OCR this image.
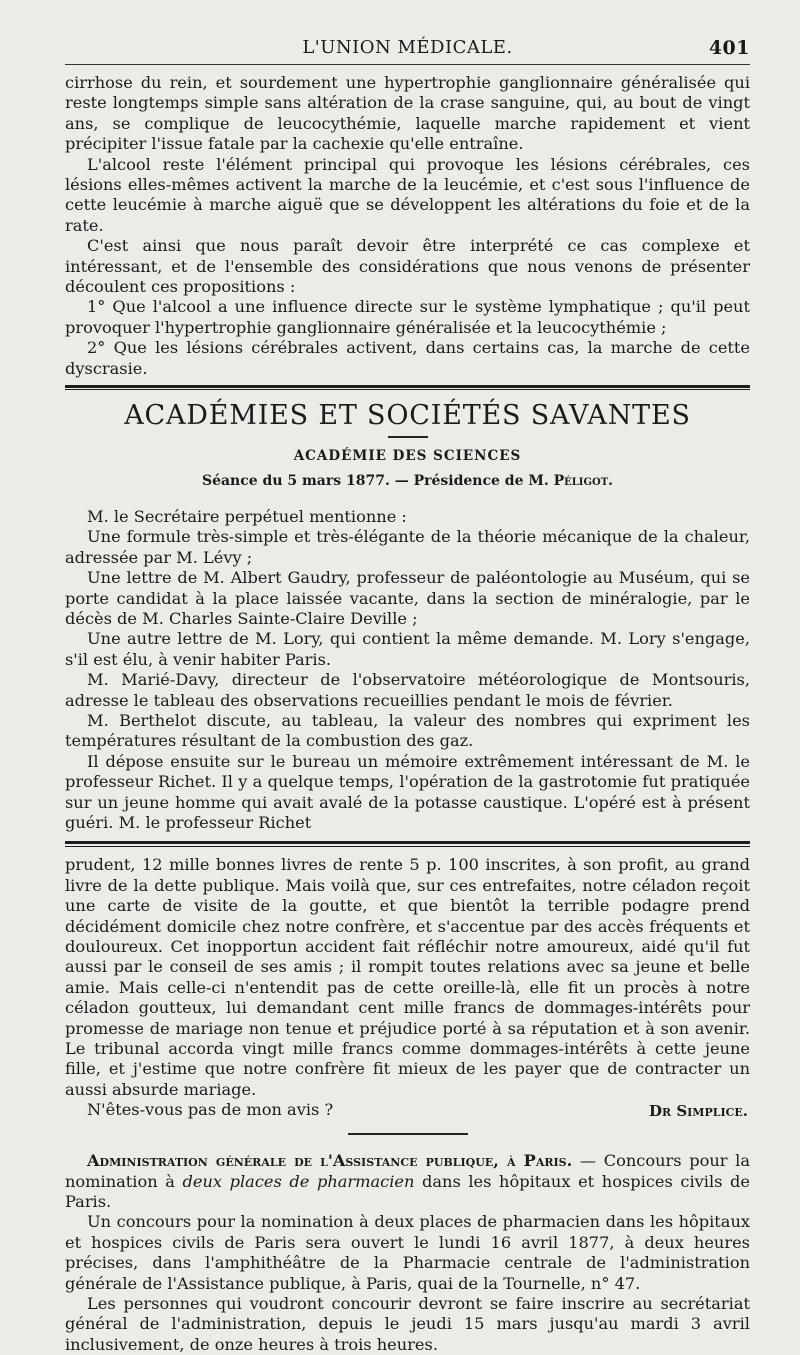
L'UNION MÉDICALE.	401

cirrhose du rein, et sourdement une hypertrophie ganglionnaire généralisée qui reste longtemps simple sans altération de la crase sanguine, qui, au bout de vingt ans, se complique de leucocythémie, laquelle marche rapidement et vient précipiter l'issue fatale par la cachexie qu'elle entraîne.

L'alcool reste l'élément principal qui provoque les lésions cérébrales, ces lésions elles-mêmes activent la marche de la leucémie, et c'est sous l'influence de cette leucémie à marche aiguë que se développent les altérations du foie et de la rate.

C'est ainsi que nous paraît devoir être interprété ce cas complexe et intéressant, et de l'ensemble des considérations que nous venons de présenter découlent ces propositions :

1° Que l'alcool a une influence directe sur le système lymphatique ; qu'il peut provoquer l'hypertrophie ganglionnaire généralisée et la leucocythémie ;

2° Que les lésions cérébrales activent, dans certains cas, la marche de cette dyscrasie.

ACADÉMIES ET SOCIÉTÉS SAVANTES
ACADÉMIE DES SCIENCES
Séance du 5 mars 1877. — Présidence de M. Péligot.

M. le Secrétaire perpétuel mentionne :

Une formule très-simple et très-élégante de la théorie mécanique de la chaleur, adressée par M. Lévy ;

Une lettre de M. Albert Gaudry, professeur de paléontologie au Muséum, qui se porte candidat à la place laissée vacante, dans la section de minéralogie, par le décès de M. Charles Sainte-Claire Deville ;

Une autre lettre de M. Lory, qui contient la même demande. M. Lory s'engage, s'il est élu, à venir habiter Paris.

M. Marié-Davy, directeur de l'observatoire météorologique de Montsouris, adresse le tableau des observations recueillies pendant le mois de février.

M. Berthelot discute, au tableau, la valeur des nombres qui expriment les températures résultant de la combustion des gaz.

Il dépose ensuite sur le bureau un mémoire extrêmement intéressant de M. le professeur Richet. Il y a quelque temps, l'opération de la gastrotomie fut pratiquée sur un jeune homme qui avait avalé de la potasse caustique. L'opéré est à présent guéri. M. le professeur Richet

prudent, 12 mille bonnes livres de rente 5 p. 100 inscrites, à son profit, au grand livre de la dette publique. Mais voilà que, sur ces entrefaites, notre céladon reçoit une carte de visite de la goutte, et que bientôt la terrible podagre prend décidément domicile chez notre confrère, et s'accentue par des accès fréquents et douloureux. Cet inopportun accident fait réfléchir notre amoureux, aidé qu'il fut aussi par le conseil de ses amis ; il rompit toutes relations avec sa jeune et belle amie. Mais celle-ci n'entendit pas de cette oreille-là, elle fit un procès à notre céladon goutteux, lui demandant cent mille francs de dommages-intérêts pour promesse de mariage non tenue et préjudice porté à sa réputation et à son avenir. Le tribunal accorda vingt mille francs comme dommages-intérêts à cette jeune fille, et j'estime que notre confrère fit mieux de les payer que de contracter un aussi absurde mariage.

N'êtes-vous pas de mon avis ?	Dr Simplice.

Administration générale de l'Assistance publique, à Paris. — Concours pour la nomination à deux places de pharmacien dans les hôpitaux et hospices civils de Paris.

Un concours pour la nomination à deux places de pharmacien dans les hôpitaux et hospices civils de Paris sera ouvert le lundi 16 avril 1877, à deux heures précises, dans l'amphithéâtre de la Pharmacie centrale de l'administration générale de l'Assistance publique, à Paris, quai de la Tournelle, n° 47.

Les personnes qui voudront concourir devront se faire inscrire au secrétariat général de l'administration, depuis le jeudi 15 mars jusqu'au mardi 3 avril inclusivement, de onze heures à trois heures.
